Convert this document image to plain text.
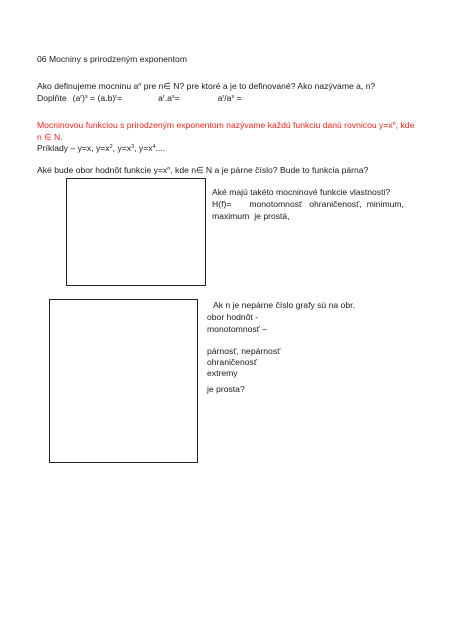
06 Mocniny s prirodzeným exponentom
Ako definujeme mocninu $a^n$ pre n∈ N? pre ktoré a je to definované? Ako nazývame a, n?
Doplňte $(a^r)^s = (a.b)^r=$	$a^r.a^s=$	$a^r/a^s$ =
Mocninovou funkciou s prirodzeným exponentom nazývame každú funkciu danú rovnicou $y=x^n$, kde
n ∈ N.
Príklady – y=x, $y=x^2$, $y=x^3$, $y=x^4$....
Aké bude obor hodnôt funkcie $y=x^n$, kde n∈ N a je párne číslo? Bude to funkcia párna?
Aké majú takéto mocninové funkcie vlastnosti?
H(f)= monotomnosť ohraničenosť, minimum,
maximum je prostá,
Ak n je nepárne číslo grafy sú na obr.
obor hodnôt -
monotomnosť –
párnosť, nepárnosť
ohraničenosť
extremy
je prosta?
